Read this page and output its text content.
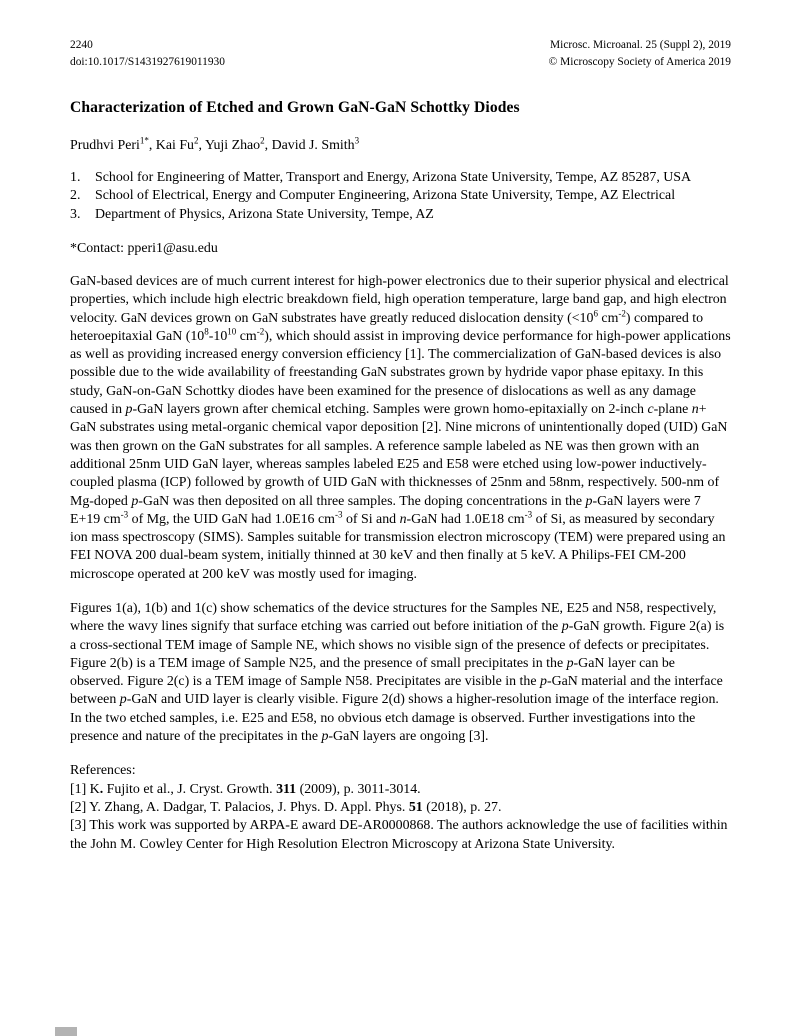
2240
doi:10.1017/S1431927619011930
Microsc. Microanal. 25 (Suppl 2), 2019
© Microscopy Society of America 2019
Characterization of Etched and Grown GaN-GaN Schottky Diodes
Prudhvi Peri$^{1*}$, Kai Fu$^2$, Yuji Zhao$^2$, David J. Smith$^3$
1.	School for Engineering of Matter, Transport and Energy, Arizona State University, Tempe, AZ 85287, USA
2.	School of Electrical, Energy and Computer Engineering, Arizona State University, Tempe, AZ Electrical
3.	Department of Physics, Arizona State University, Tempe, AZ
*Contact: pperi1@asu.edu

GaN-based devices are of much current interest for high-power electronics due to their superior physical and electrical properties, which include high electric breakdown field, high operation temperature, large band gap, and high electron velocity. GaN devices grown on GaN substrates have greatly reduced dislocation density ($<10^6$ $cm^{-2}$) compared to heteroepitaxial GaN ($10^8-10^{10}$ $cm^{-2}$), which should assist in improving device performance for high-power applications as well as providing increased energy conversion efficiency [1]. The commercialization of GaN-based devices is also possible due to the wide availability of freestanding GaN substrates grown by hydride vapor phase epitaxy. In this study, GaN-on-GaN Schottky diodes have been examined for the presence of dislocations as well as any damage caused in p-GaN layers grown after chemical etching. Samples were grown homo-epitaxially on 2-inch c-plane n+ GaN substrates using metal-organic chemical vapor deposition [2]. Nine microns of unintentionally doped (UID) GaN was then grown on the GaN substrates for all samples. A reference sample labeled as NE was then grown with an additional 25nm UID GaN layer, whereas samples labeled E25 and E58 were etched using low-power inductively-coupled plasma (ICP) followed by growth of UID GaN with thicknesses of 25nm and 58nm, respectively. 500-nm of Mg-doped p-GaN was then deposited on all three samples. The doping concentrations in the p-GaN layers were 7 E+19 $cm^{-3}$ of Mg, the UID GaN had 1.0E16 $cm^{-3}$ of Si and n-GaN had 1.0E18 $cm^{-3}$ of Si, as measured by secondary ion mass spectroscopy (SIMS). Samples suitable for transmission electron microscopy (TEM) were prepared using an FEI NOVA 200 dual-beam system, initially thinned at 30 keV and then finally at 5 keV. A Philips-FEI CM-200 microscope operated at 200 keV was mostly used for imaging.

Figures 1(a), 1(b) and 1(c) show schematics of the device structures for the Samples NE, E25 and N58, respectively, where the wavy lines signify that surface etching was carried out before initiation of the p-GaN growth. Figure 2(a) is a cross-sectional TEM image of Sample NE, which shows no visible sign of the presence of defects or precipitates. Figure 2(b) is a TEM image of Sample N25, and the presence of small precipitates in the p-GaN layer can be observed. Figure 2(c) is a TEM image of Sample N58. Precipitates are visible in the p-GaN material and the interface between p-GaN and UID layer is clearly visible. Figure 2(d) shows a higher-resolution image of the interface region. In the two etched samples, i.e. E25 and E58, no obvious etch damage is observed. Further investigations into the presence and nature of the precipitates in the p-GaN layers are ongoing [3].

References:
[1] K. Fujito et al., J. Cryst. Growth. 311 (2009), p. 3011-3014.
[2] Y. Zhang, A. Dadgar, T. Palacios, J. Phys. D. Appl. Phys. 51 (2018), p. 27.
[3] This work was supported by ARPA-E award DE-AR0000868. The authors acknowledge the use of facilities within the John M. Cowley Center for High Resolution Electron Microscopy at Arizona State University.
